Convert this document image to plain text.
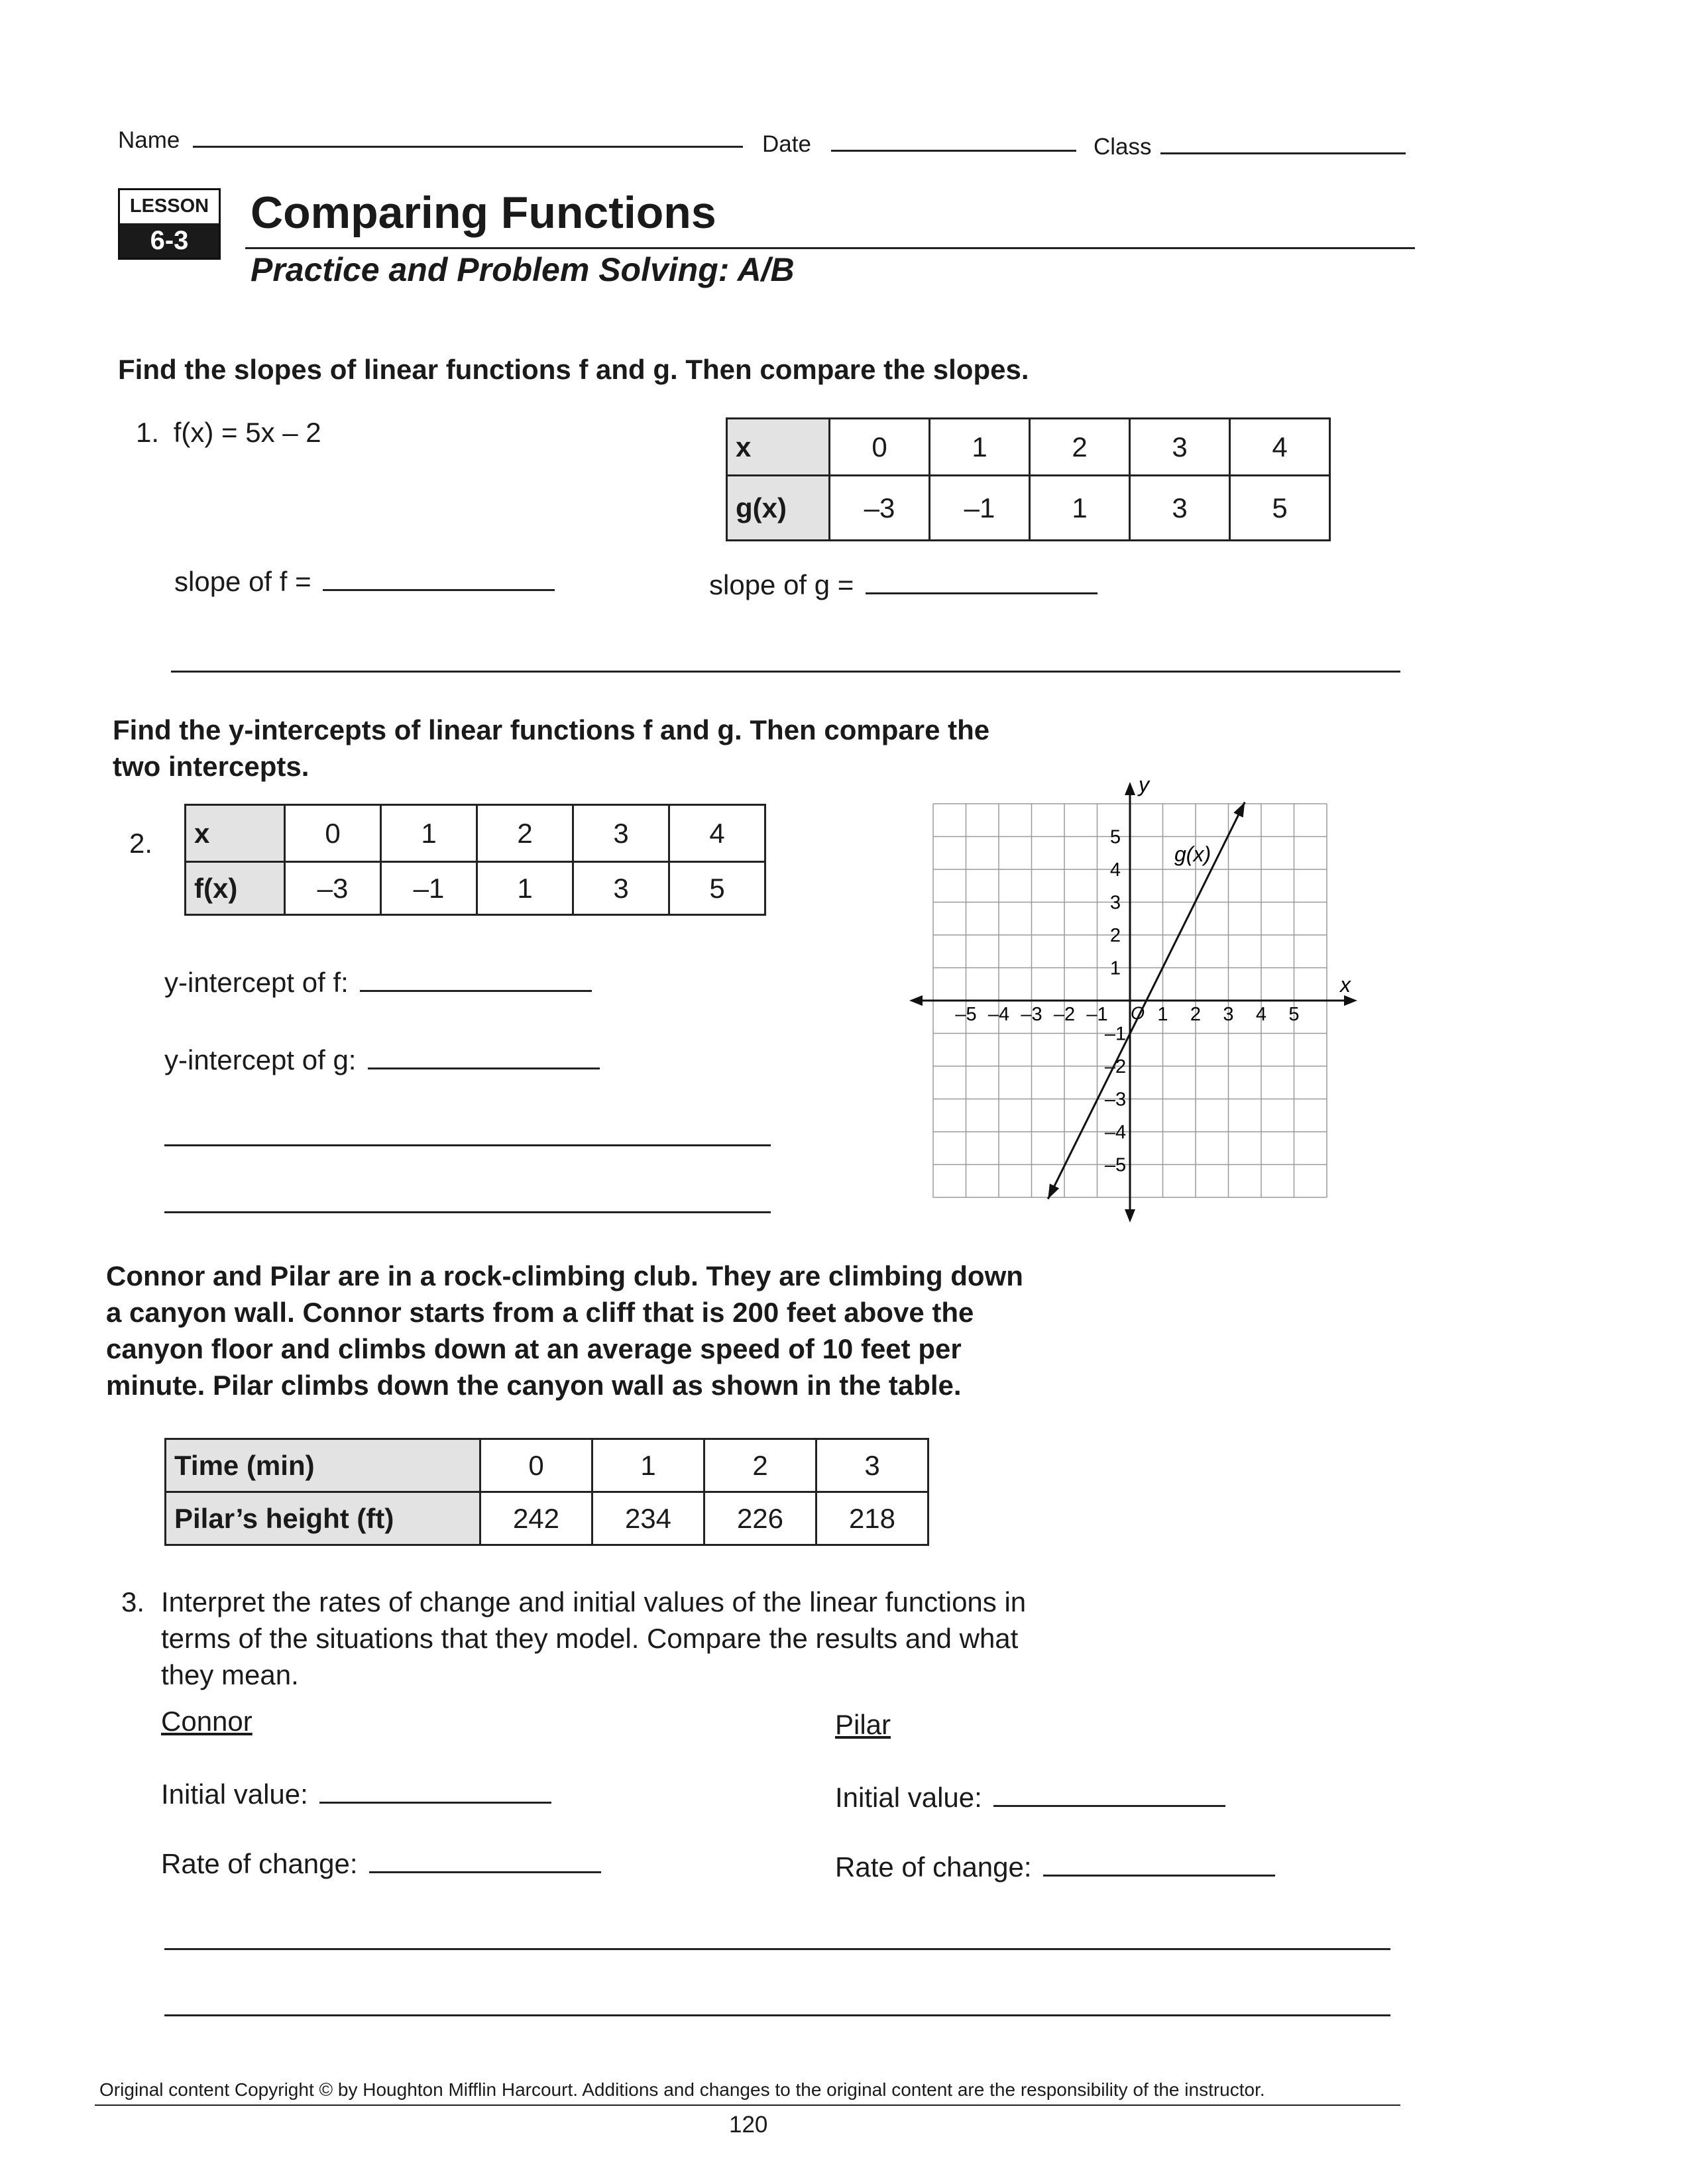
Name	Date	Class
LESSON
6-3
Comparing Functions
Practice and Problem Solving: A/B
Find the slopes of linear functions f and g. Then compare the slopes.
1. f(x) = 5x – 2	x	0	1	2	3	4
g(x)	–3	–1	1	3	5
slope of f =	slope of g =
Find the y-intercepts of linear functions f and g. Then compare the
two intercepts.
2. x	0	1	2	3	4
f(x)	–3	–1	1	3	5
y-intercept of f:
y-intercept of g:
–5 –4 –3 –2 –1	1 2 3 4 5
5
4
3
2
1
–1
–2
–3
–4
–5
x
y
O
g(x)
Connor and Pilar are in a rock-climbing club. They are climbing down
a canyon wall. Connor starts from a cliff that is 200 feet above the
canyon floor and climbs down at an average speed of 10 feet per
minute. Pilar climbs down the canyon wall as shown in the table.
Time (min)	0	1	2	3
Pilar’s height (ft)	242	234	226	218
3. Interpret the rates of change and initial values of the linear functions in
terms of the situations that they model. Compare the results and what
they mean.
Connor	Pilar
Initial value:	Initial value:
Rate of change:	Rate of change:
Original content Copyright © by Houghton Mifflin Harcourt. Additions and changes to the original content are the responsibility of the instructor.
120
